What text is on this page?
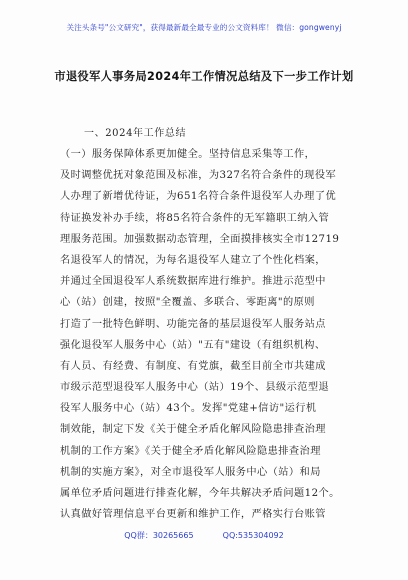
关注头条号"公文研究"，获得最新最全最专业的公文资料库！ 微信：gongwenyj
市退役军人事务局2024年工作情况总结及下一步工作计划
一、2024年工作总结
（一）服务保障体系更加健全。坚持信息采集等工作，
及时调整优抚对象范围及标准，为327名符合条件的现役军
人办理了新增优待证，为651名符合条件退役军人办理了优
待证换发补办手续，将85名符合条件的无军籍职工纳入管
理服务范围。加强数据动态管理，全面摸排核实全市12719
名退役军人的情况，为每名退役军人建立了个性化档案，
并通过全国退役军人系统数据库进行维护。推进示范型中
心（站）创建，按照"全覆盖、多联合、零距离"的原则
打造了一批特色鲜明、功能完备的基层退役军人服务站点
强化退役军人服务中心（站）"五有"建设（有组织机构、
有人员、有经费、有制度、有党旗，截至目前全市共建成
市级示范型退役军人服务中心（站）19个、县级示范型退
役军人服务中心（站）43个。发挥"党建+信访"运行机
制效能，制定下发《关于健全矛盾化解风险隐患排查治理
机制的工作方案》《关于健全矛盾化解风险隐患排查治理
机制的实施方案》，对全市退役军人服务中心（站）和局
属单位矛盾问题进行排查化解，今年共解决矛盾问题12个。
认真做好管理信息平台更新和维护工作，严格实行台账管
QQ群：30265665	QQ:535304092
